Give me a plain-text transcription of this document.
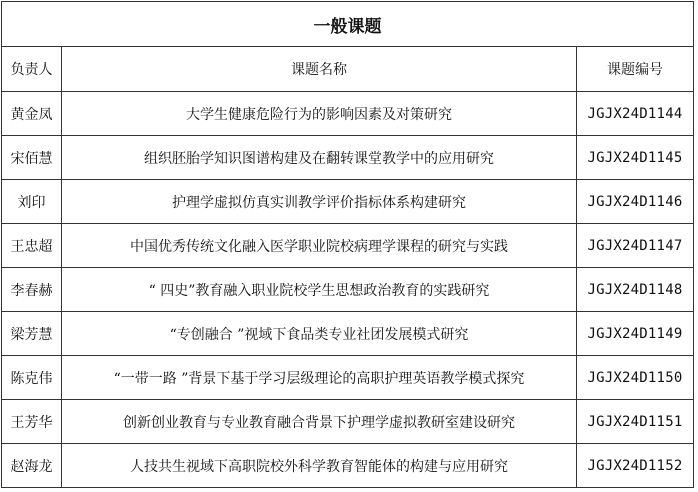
一般课题		
负责人	课题名称	课题编号
黄金凤	大学生健康危险行为的影响因素及对策研究	JGJX24D1144
宋佰慧	组织胚胎学知识图谱构建及在翻转课堂教学中的应用研究	JGJX24D1145
刘印	护理学虚拟仿真实训教学评价指标体系构建研究	JGJX24D1146
王忠超	中国优秀传统文化融入医学职业院校病理学课程的研究与实践	JGJX24D1147
李春赫	“ 四史”教育融入职业院校学生思想政治教育的实践研究	JGJX24D1148
梁芳慧	“专创融合 ”视域下食品类专业社团发展模式研究	JGJX24D1149
陈克伟	“一带一路 ”背景下基于学习层级理论的高职护理英语教学模式探究	JGJX24D1150
王芳华	创新创业教育与专业教育融合背景下护理学虚拟教研室建设研究	JGJX24D1151
赵海龙	人技共生视域下高职院校外科学教育智能体的构建与应用研究	JGJX24D1152
